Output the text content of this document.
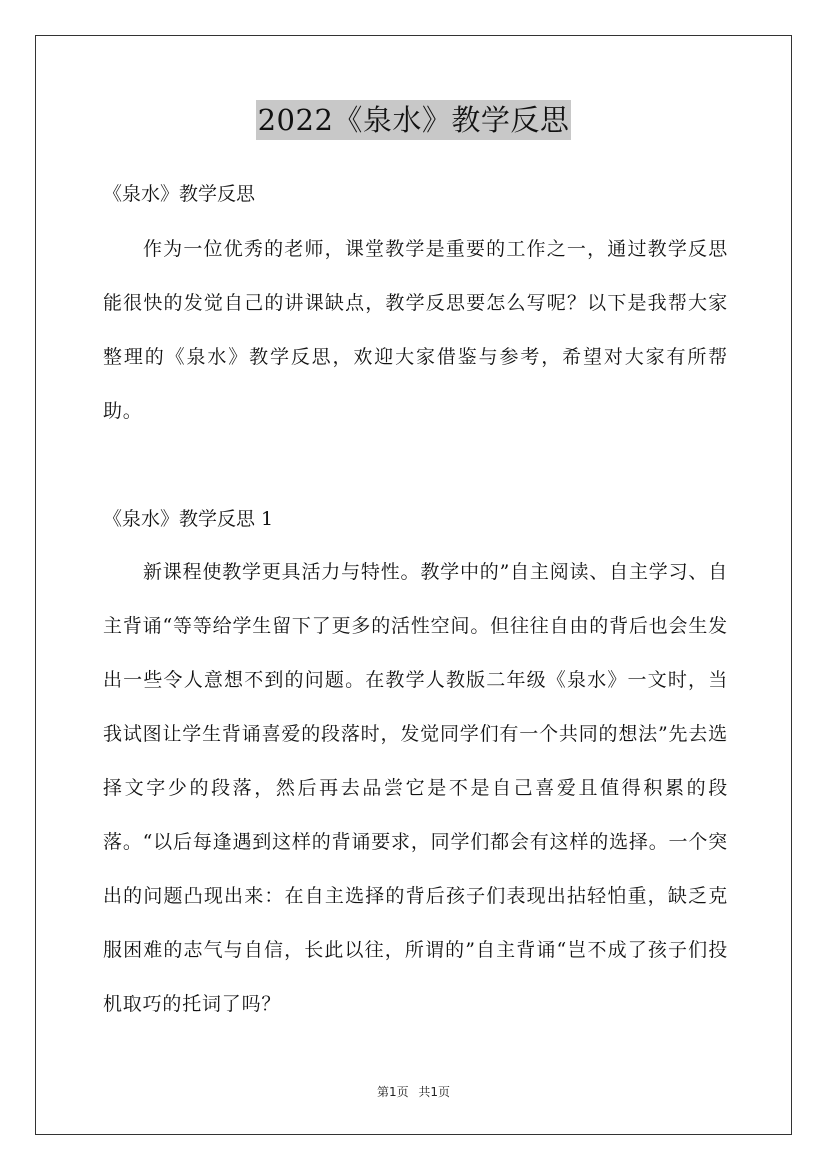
2022《泉水》教学反思
《泉水》教学反思

作为一位优秀的老师，课堂教学是重要的工作之一，通过教学反思能很快的发觉自己的讲课缺点，教学反思要怎么写呢？以下是我帮大家整理的《泉水》教学反思，欢迎大家借鉴与参考，希望对大家有所帮助。

《泉水》教学反思 1

新课程使教学更具活力与特性。教学中的”自主阅读、自主学习、自主背诵“等等给学生留下了更多的活性空间。但往往自由的背后也会生发出一些令人意想不到的问题。在教学人教版二年级《泉水》一文时，当我试图让学生背诵喜爱的段落时，发觉同学们有一个共同的想法”先去选择文字少的段落，然后再去品尝它是不是自己喜爱且值得积累的段落。“以后每逢遇到这样的背诵要求，同学们都会有这样的选择。一个突出的问题凸现出来：在自主选择的背后孩子们表现出拈轻怕重，缺乏克服困难的志气与自信，长此以往，所谓的”自主背诵“岂不成了孩子们投机取巧的托词了吗？

第1页 共1页
